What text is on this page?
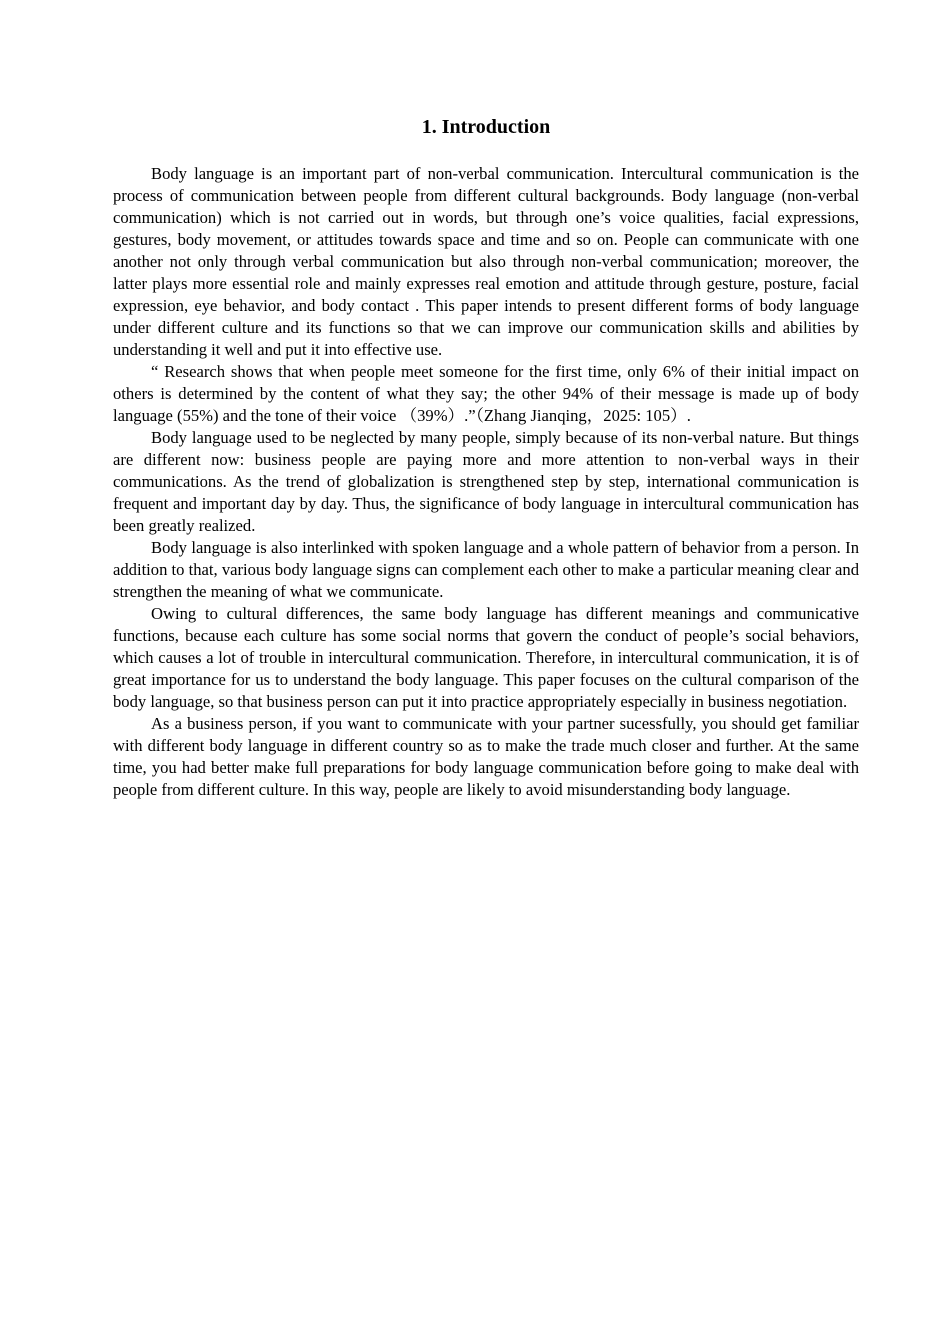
1. Introduction

Body language is an important part of non-verbal communication. Intercultural communication is the process of communication between people from different cultural backgrounds. Body language (non-verbal communication) which is not carried out in words, but through one’s voice qualities, facial expressions, gestures, body movement, or attitudes towards space and time and so on. People can communicate with one another not only through verbal communication but also through non-verbal communication; moreover, the latter plays more essential role and mainly expresses real emotion and attitude through gesture, posture, facial expression, eye behavior, and body contact . This paper intends to present different forms of body language under different culture and its functions so that we can improve our communication skills and abilities by understanding it well and put it into effective use.

“ Research shows that when people meet someone for the first time, only 6% of their initial impact on others is determined by the content of what they say; the other 94% of their message is made up of body language (55%) and the tone of their voice （39%）.”（Zhang Jianqing，2025: 105）.

Body language used to be neglected by many people, simply because of its non-verbal nature. But things are different now: business people are paying more and more attention to non-verbal ways in their communications. As the trend of globalization is strengthened step by step, international communication is frequent and important day by day. Thus, the significance of body language in intercultural communication has been greatly realized.

Body language is also interlinked with spoken language and a whole pattern of behavior from a person. In addition to that, various body language signs can complement each other to make a particular meaning clear and strengthen the meaning of what we communicate.

Owing to cultural differences, the same body language has different meanings and communicative functions, because each culture has some social norms that govern the conduct of people’s social behaviors, which causes a lot of trouble in intercultural communication. Therefore, in intercultural communication, it is of great importance for us to understand the body language. This paper focuses on the cultural comparison of the body language, so that business person can put it into practice appropriately especially in business negotiation.

As a business person, if you want to communicate with your partner sucessfully, you should get familiar with different body language in different country so as to make the trade much closer and further. At the same time, you had better make full preparations for body language communication before going to make deal with people from different culture. In this way, people are likely to avoid misunderstanding body language.
